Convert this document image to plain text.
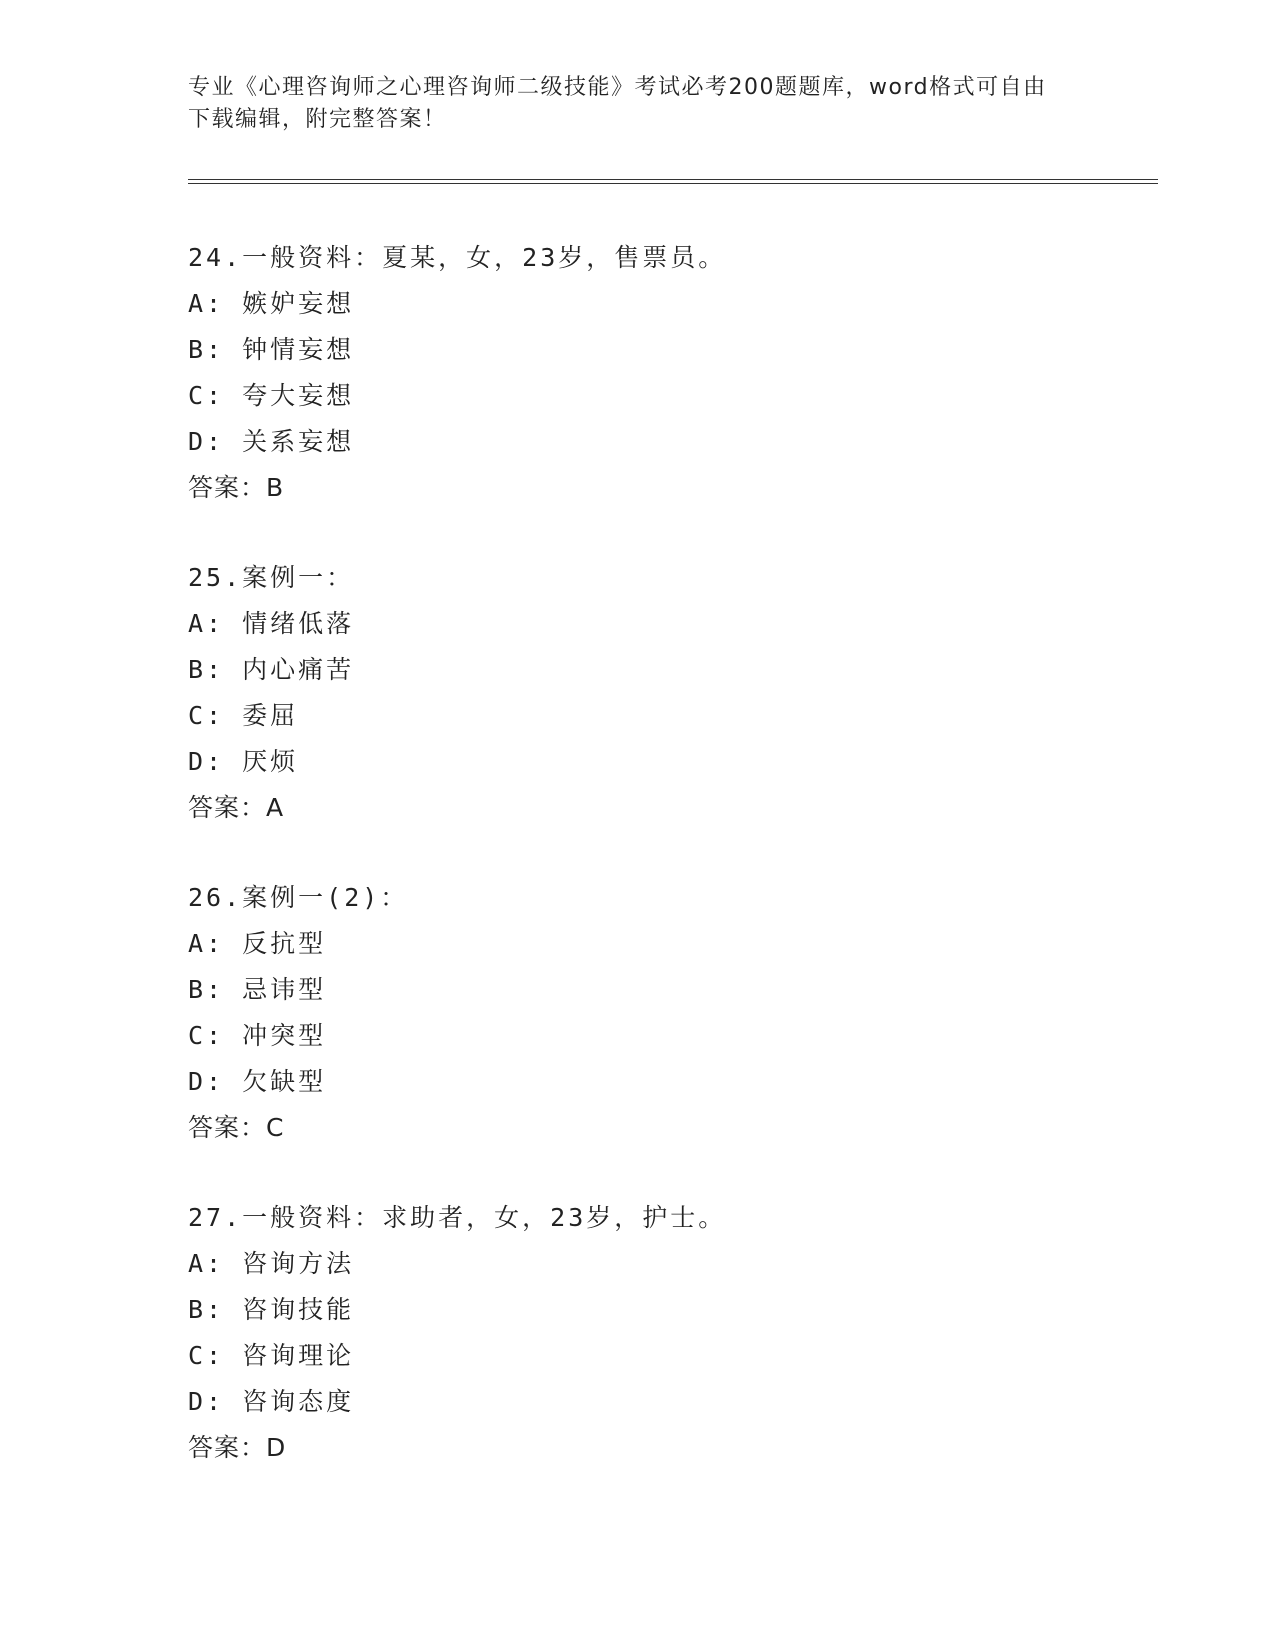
专业《心理咨询师之心理咨询师二级技能》考试必考200题题库，word格式可自由下载编辑，附完整答案！
24.一般资料：夏某，女，23岁，售票员。
A: 嫉妒妄想
B: 钟情妄想
C: 夸大妄想
D: 关系妄想
答案：B
25.案例一：
A: 情绪低落
B: 内心痛苦
C: 委屈
D: 厌烦
答案：A
26.案例一(2)：
A: 反抗型
B: 忌讳型
C: 冲突型
D: 欠缺型
答案：C
27.一般资料：求助者，女，23岁，护士。
A: 咨询方法
B: 咨询技能
C: 咨询理论
D: 咨询态度
答案：D
